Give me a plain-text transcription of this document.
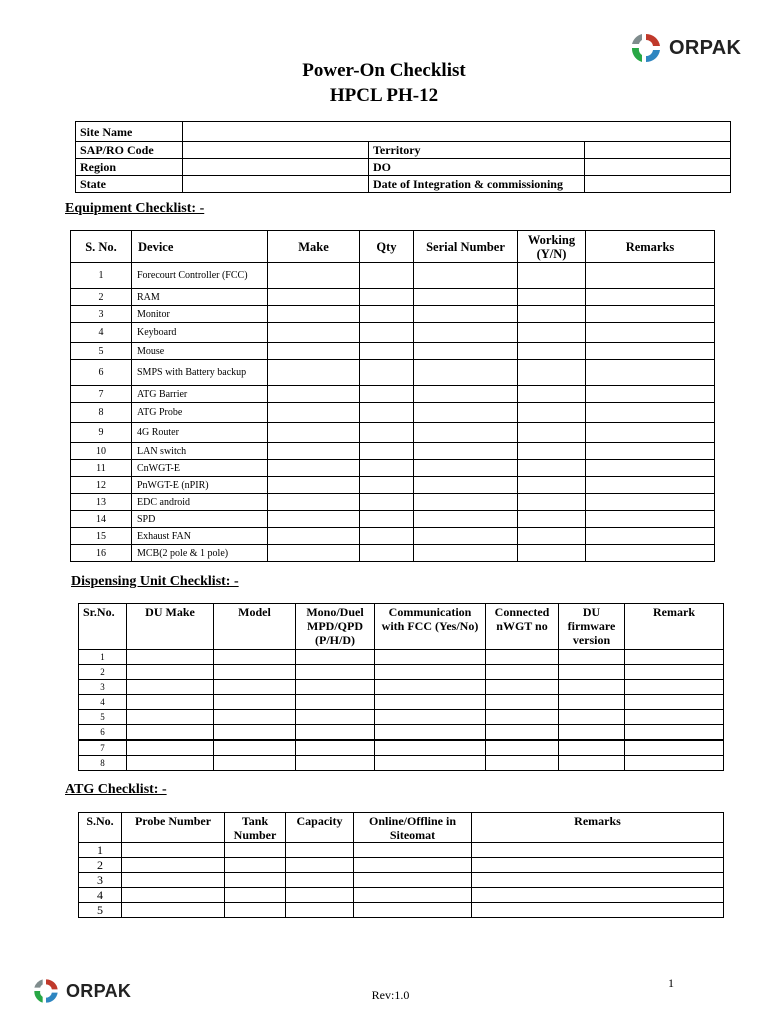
ORPAK
Power-On Checklist
HPCL PH-12
Site Name			
SAP/RO Code		Territory	
Region		DO	
State		Date of Integration & commissioning	
Equipment Checklist: -
S. No.	Device	Make	Qty	Serial Number	Working (Y/N)	Remarks
1	Forecourt Controller (FCC)					
2	RAM					
3	Monitor					
4	Keyboard					
5	Mouse					
6	SMPS with Battery backup					
7	ATG Barrier					
8	ATG Probe					
9	4G Router					
10	LAN switch					
11	CnWGT-E					
12	PnWGT-E (nPIR)					
13	EDC android					
14	SPD					
15	Exhaust FAN					
16	MCB(2 pole & 1 pole)					
Dispensing Unit Checklist: -
Sr.No.	DU Make	Model	Mono/Duel MPD/QPD (P/H/D)	Communication with FCC (Yes/No)	Connected nWGT no	DU firmware version	Remark
1							
2							
3							
4							
5							
6							
7							
8							
ATG Checklist: -
S.No.	Probe Number	Tank Number	Capacity	Online/Offline in Siteomat	Remarks
1					
2					
3					
4					
5					
ORPAK	1
Rev:1.0
